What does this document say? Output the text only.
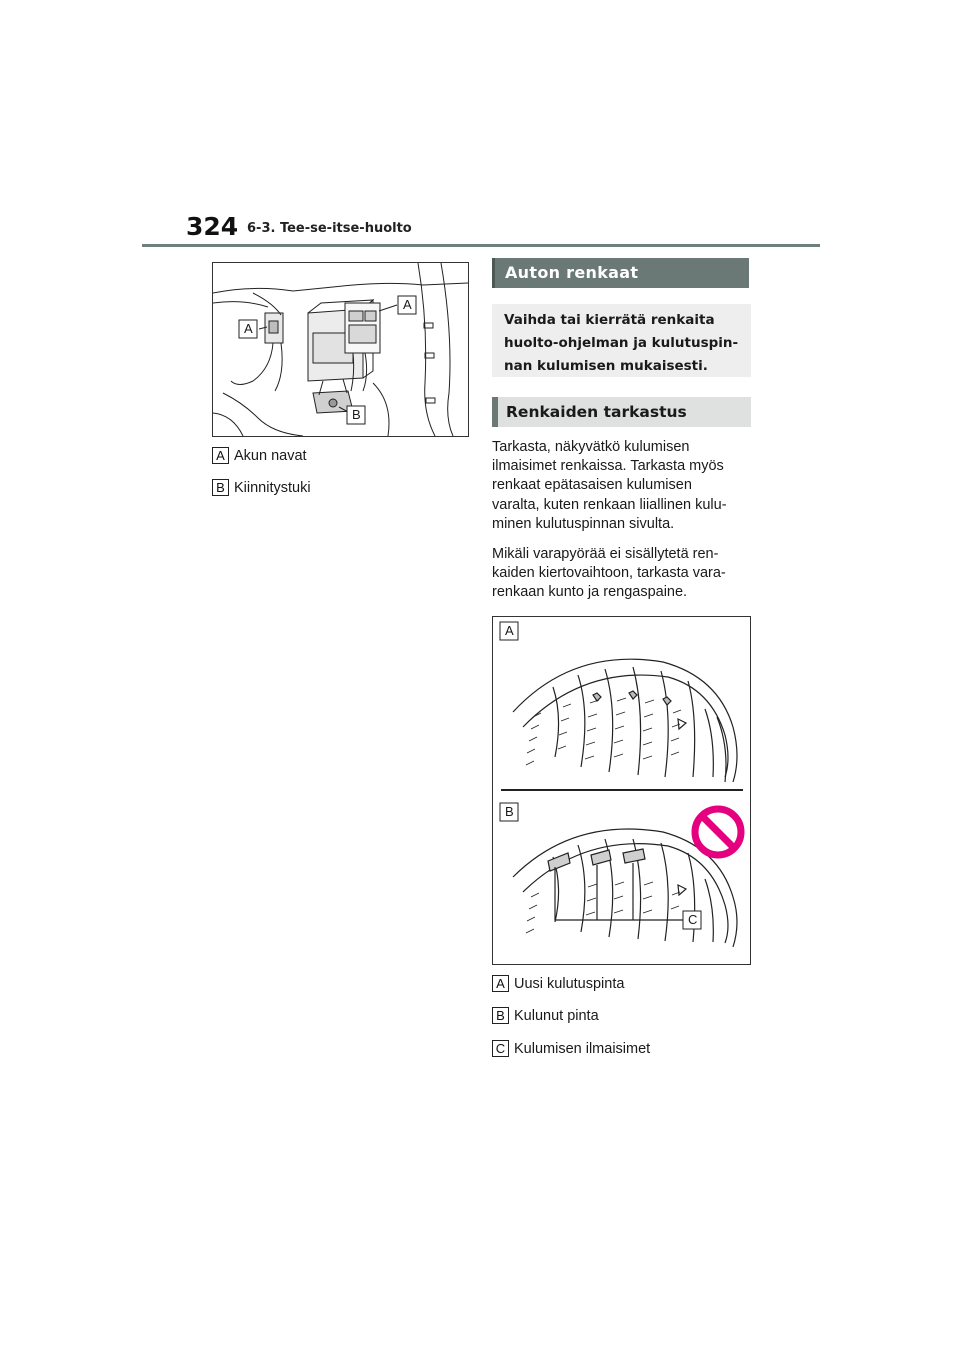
324 6-3. Tee-se-itse-huolto
A
A
B
A Akun navat
B Kiinnitystuki
Auton renkaat
Vaihda tai kierrätä renkaita
huolto-ohjelman ja kulutuspin-
nan kulumisen mukaisesti.
Renkaiden tarkastus
Tarkasta, näkyvätkö kulumisen
ilmaisimet renkaissa. Tarkasta myös
renkaat epätasaisen kulumisen
varalta, kuten renkaan liiallinen kulu-
minen kulutuspinnan sivulta.
Mikäli varapyörää ei sisällytetä ren-
kaiden kiertovaihtoon, tarkasta vara-
renkaan kunto ja rengaspaine.
A
B
C
A Uusi kulutuspinta
B Kulunut pinta
C Kulumisen ilmaisimet
